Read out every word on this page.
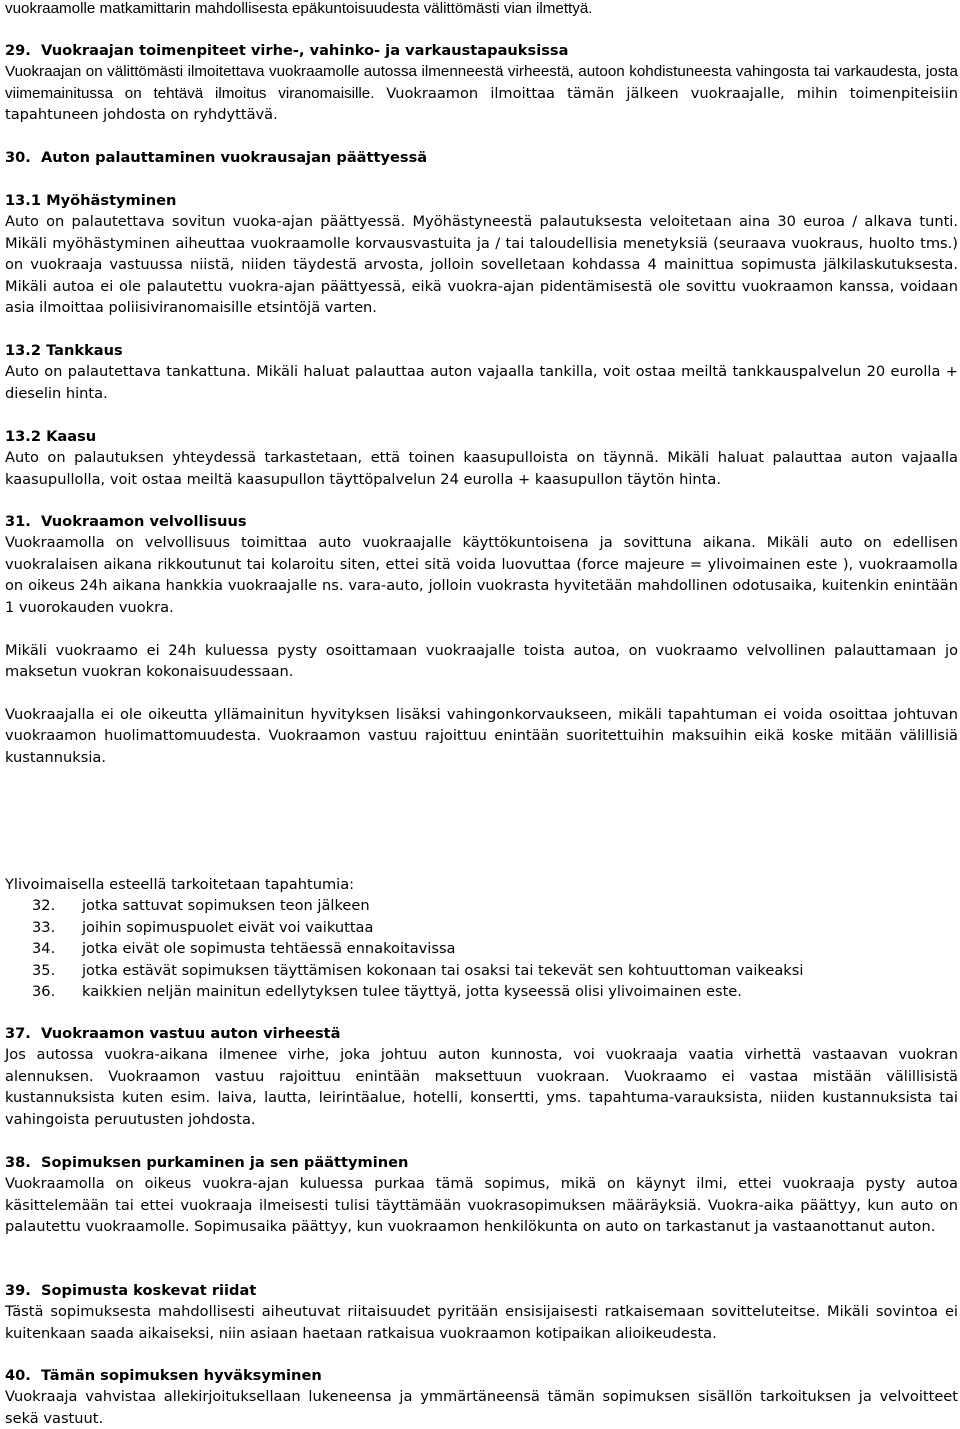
vuokraamolle matkamittarin mahdollisesta epäkuntoisuudesta välittömästi vian ilmettyä.

29. Vuokraajan toimenpiteet virhe-, vahinko- ja varkaustapauksissa

Vuokraajan on välittömästi ilmoitettava vuokraamolle autossa ilmenneestä virheestä, autoon kohdistuneesta vahingosta tai varkaudesta, josta viimemainitussa on tehtävä ilmoitus viranomaisille. Vuokraamon ilmoittaa tämän jälkeen vuokraajalle, mihin toimenpiteisiin tapahtuneen johdosta on ryhdyttävä.

30. Auton palauttaminen vuokrausajan päättyessä
13.1 Myöhästyminen

Auto on palautettava sovitun vuoka-ajan päättyessä. Myöhästyneestä palautuksesta veloitetaan aina 30 euroa / alkava tunti. Mikäli myöhästyminen aiheuttaa vuokraamolle korvausvastuita ja / tai taloudellisia menetyksiä (seuraava vuokraus, huolto tms.) on vuokraaja vastuussa niistä, niiden täydestä arvosta, jolloin sovelletaan kohdassa 4 mainittua sopimusta jälkilaskutuksesta. Mikäli autoa ei ole palautettu vuokra-ajan päättyessä, eikä vuokra-ajan pidentämisestä ole sovittu vuokraamon kanssa, voidaan asia ilmoittaa poliisiviranomaisille etsintöjä varten.

13.2 Tankkaus

Auto on palautettava tankattuna. Mikäli haluat palauttaa auton vajaalla tankilla, voit ostaa meiltä tankkauspalvelun 20 eurolla + dieselin hinta.

13.2 Kaasu

Auto on palautuksen yhteydessä tarkastetaan, että toinen kaasupulloista on täynnä. Mikäli haluat palauttaa auton vajaalla kaasupullolla, voit ostaa meiltä kaasupullon täyttöpalvelun 24 eurolla + kaasupullon täytön hinta.

31. Vuokraamon velvollisuus

Vuokraamolla on velvollisuus toimittaa auto vuokraajalle käyttökuntoisena ja sovittuna aikana. Mikäli auto on edellisen vuokralaisen aikana rikkoutunut tai kolaroitu siten, ettei sitä voida luovuttaa (force majeure = ylivoimainen este ), vuokraamolla on oikeus 24h aikana hankkia vuokraajalle ns. vara-auto, jolloin vuokrasta hyvitetään mahdollinen odotusaika, kuitenkin enintään 1 vuorokauden vuokra.

Mikäli vuokraamo ei 24h kuluessa pysty osoittamaan vuokraajalle toista autoa, on vuokraamo velvollinen palauttamaan jo maksetun vuokran kokonaisuudessaan.

Vuokraajalla ei ole oikeutta yllämainitun hyvityksen lisäksi vahingonkorvaukseen, mikäli tapahtuman ei voida osoittaa johtuvan vuokraamon huolimattomuudesta. Vuokraamon vastuu rajoittuu enintään suoritettuihin maksuihin eikä koske mitään välillisiä kustannuksia.

Ylivoimaisella esteellä tarkoitetaan tapahtumia:

32.	jotka sattuvat sopimuksen teon jälkeen
33.	joihin sopimuspuolet eivät voi vaikuttaa
34.	jotka eivät ole sopimusta tehtäessä ennakoitavissa
35.	jotka estävät sopimuksen täyttämisen kokonaan tai osaksi tai tekevät sen kohtuuttoman vaikeaksi
36.	kaikkien neljän mainitun edellytyksen tulee täyttyä, jotta kyseessä olisi ylivoimainen este.
37. Vuokraamon vastuu auton virheestä

Jos autossa vuokra-aikana ilmenee virhe, joka johtuu auton kunnosta, voi vuokraaja vaatia virhettä vastaavan vuokran alennuksen. Vuokraamon vastuu rajoittuu enintään maksettuun vuokraan. Vuokraamo ei vastaa mistään välillisistä kustannuksista kuten esim. laiva, lautta, leirintäalue, hotelli, konsertti, yms. tapahtuma-varauksista, niiden kustannuksista tai vahingoista peruutusten johdosta.

38. Sopimuksen purkaminen ja sen päättyminen

Vuokraamolla on oikeus vuokra-ajan kuluessa purkaa tämä sopimus, mikä on käynyt ilmi, ettei vuokraaja pysty autoa käsittelemään tai ettei vuokraaja ilmeisesti tulisi täyttämään vuokrasopimuksen määräyksiä. Vuokra-aika päättyy, kun auto on palautettu vuokraamolle. Sopimusaika päättyy, kun vuokraamon henkilökunta on auto on tarkastanut ja vastaanottanut auton.

39. Sopimusta koskevat riidat

Tästä sopimuksesta mahdollisesti aiheutuvat riitaisuudet pyritään ensisijaisesti ratkaisemaan sovitteluteitse. Mikäli sovintoa ei kuitenkaan saada aikaiseksi, niin asiaan haetaan ratkaisua vuokraamon kotipaikan alioikeudesta.

40. Tämän sopimuksen hyväksyminen

Vuokraaja vahvistaa allekirjoituksellaan lukeneensa ja ymmärtäneensä tämän sopimuksen sisällön tarkoituksen ja velvoitteet sekä vastuut.
